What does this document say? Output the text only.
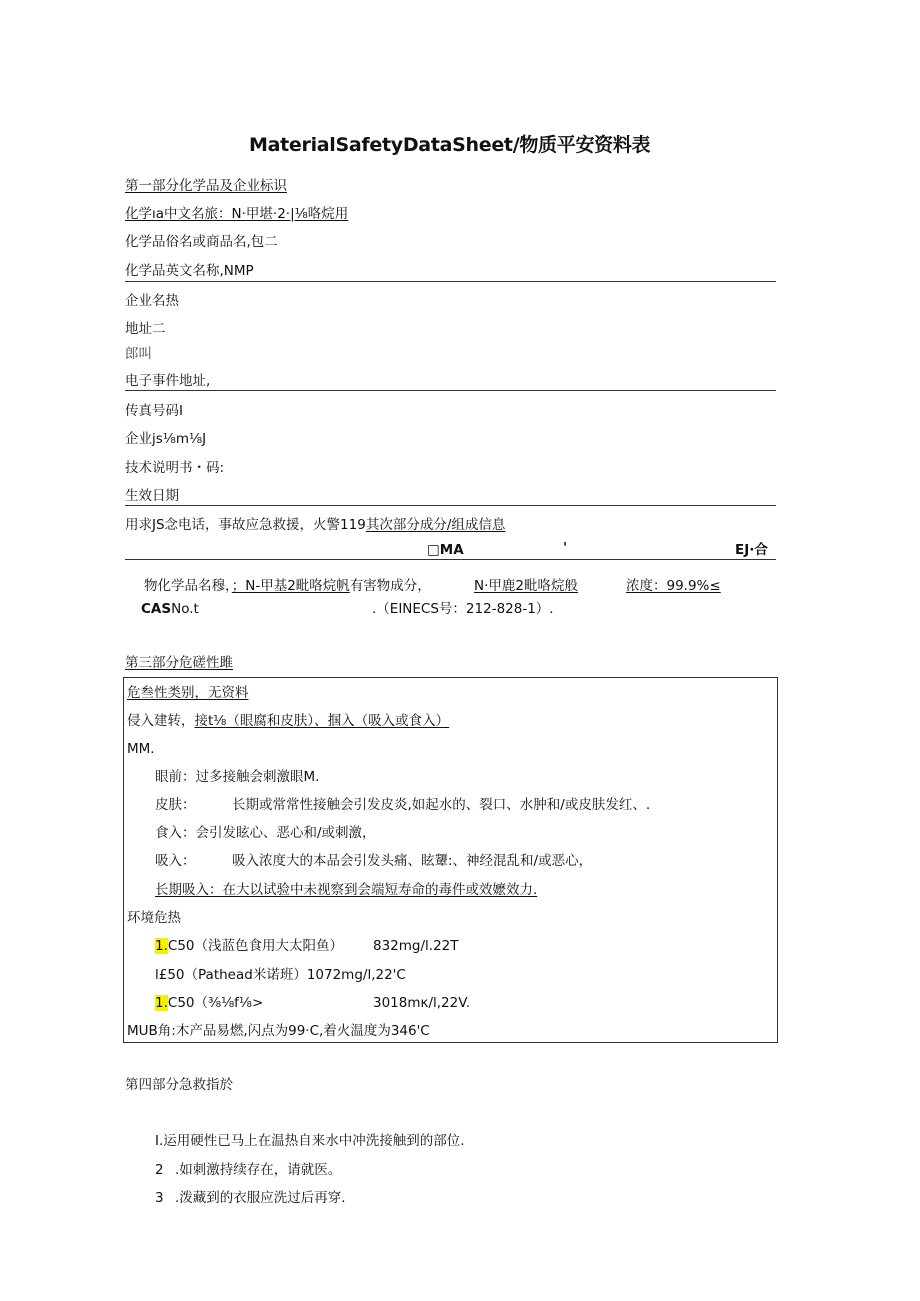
MaterialSafetyDataSheet/物质平安资料表
第一部分化学品及企业标识
化学ıa中文名旅：N·甲堪·2·|⅛咯烷用
化学品俗名或商品名,包二
化学品英文名称,NMP
企业名热
地址二
郎叫
电子事件地址,
传真号码I
企业js⅛m⅛J
技术说明书・码:
生效日期
用求JS念电话，事故应急救援，火警119其次部分成分/组成信息
□MA	'	EJ·合
物化学品名穆，；N-甲基2毗咯烷帆有害物成分，	N·甲鹿2毗咯烷般	浓度：99.9%≤
CASNo.t	.（EINECS号：212-828-1）.
第三部分危磋性雎
危叁性类别，无资料
侵入建转，接t⅛（眼腐和皮肤）、掴入（吸入或食入）
MM.
眼前：过多接触会刺激眼M.
皮肤：	长期或常常性接触会引发皮炎,如起水的、裂口、水肿和/或皮肤发红、.
食入：会引发眩心、恶心和/或刺激，
吸入：	吸入浓度大的本品会引发头痛、眩顰:、神经混乱和/或恶心，
长期吸入：在大以试验中未视察到会端短寿命的毒件或效嬷效力.
环境危热
1.C50（浅蓝色食用大太阳鱼） 832mg/l.22T
l£50（Pathead米诺班）1072mg/l,22'C
1.C50（⅜⅛f⅛>	3018mκ/l,22V.
MUB角:木产品易燃,闪点为99·C,着火温度为346'C
第四部分急救指於
I.运用硬性已马上在温热自来水中冲洗接触到的部位.
2 .如刺激持续存在，请就医。
3 .泼藏到的衣服应洗过后再穿.
